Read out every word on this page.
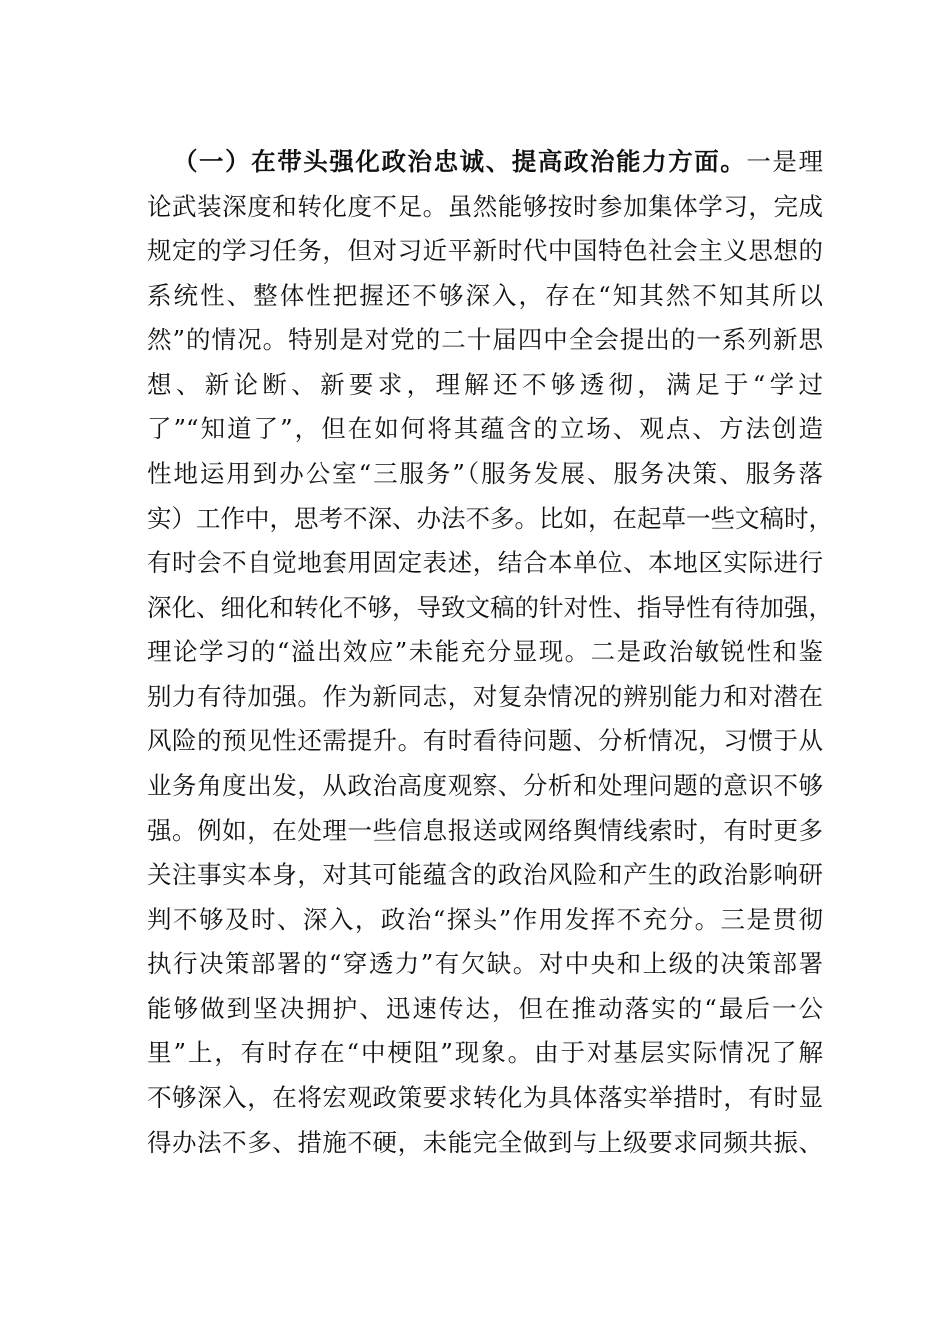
（一）在带头强化政治忠诚、提高政治能力方面。一是理
论武装深度和转化度不足。虽然能够按时参加集体学习，完成
规定的学习任务，但对习近平新时代中国特色社会主义思想的
系统性、整体性把握还不够深入，存在“知其然不知其所以
然”的情况。特别是对党的二十届四中全会提出的一系列新思
想、新论断、新要求，理解还不够透彻，满足于“学过
了”“知道了”，但在如何将其蕴含的立场、观点、方法创造
性地运用到办公室“三服务”（服务发展、服务决策、服务落
实）工作中，思考不深、办法不多。比如，在起草一些文稿时，
有时会不自觉地套用固定表述，结合本单位、本地区实际进行
深化、细化和转化不够，导致文稿的针对性、指导性有待加强，
理论学习的“溢出效应”未能充分显现。二是政治敏锐性和鉴
别力有待加强。作为新同志，对复杂情况的辨别能力和对潜在
风险的预见性还需提升。有时看待问题、分析情况，习惯于从
业务角度出发，从政治高度观察、分析和处理问题的意识不够
强。例如，在处理一些信息报送或网络舆情线索时，有时更多
关注事实本身，对其可能蕴含的政治风险和产生的政治影响研
判不够及时、深入，政治“探头”作用发挥不充分。三是贯彻
执行决策部署的“穿透力”有欠缺。对中央和上级的决策部署
能够做到坚决拥护、迅速传达，但在推动落实的“最后一公
里”上，有时存在“中梗阻”现象。由于对基层实际情况了解
不够深入，在将宏观政策要求转化为具体落实举措时，有时显
得办法不多、措施不硬，未能完全做到与上级要求同频共振、
